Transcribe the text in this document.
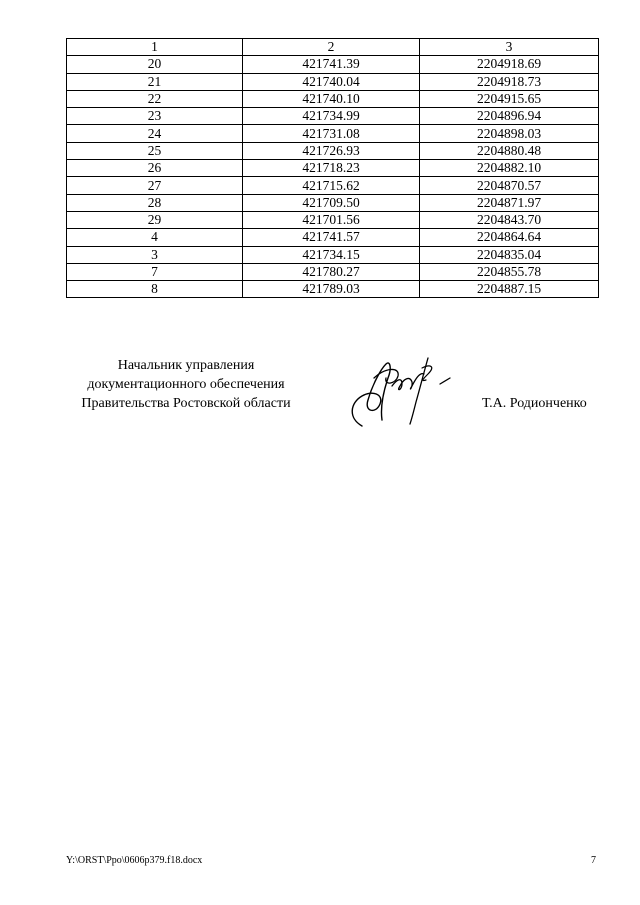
1	2	3
20	421741.39	2204918.69
21	421740.04	2204918.73
22	421740.10	2204915.65
23	421734.99	2204896.94
24	421731.08	2204898.03
25	421726.93	2204880.48
26	421718.23	2204882.10
27	421715.62	2204870.57
28	421709.50	2204871.97
29	421701.56	2204843.70
4	421741.57	2204864.64
3	421734.15	2204835.04
7	421780.27	2204855.78
8	421789.03	2204887.15
Начальник управления
документационного обеспечения
Правительства Ростовской области	Т.А. Родионченко
Y:\ORST\Ppo\0606p379.f18.docx	7
